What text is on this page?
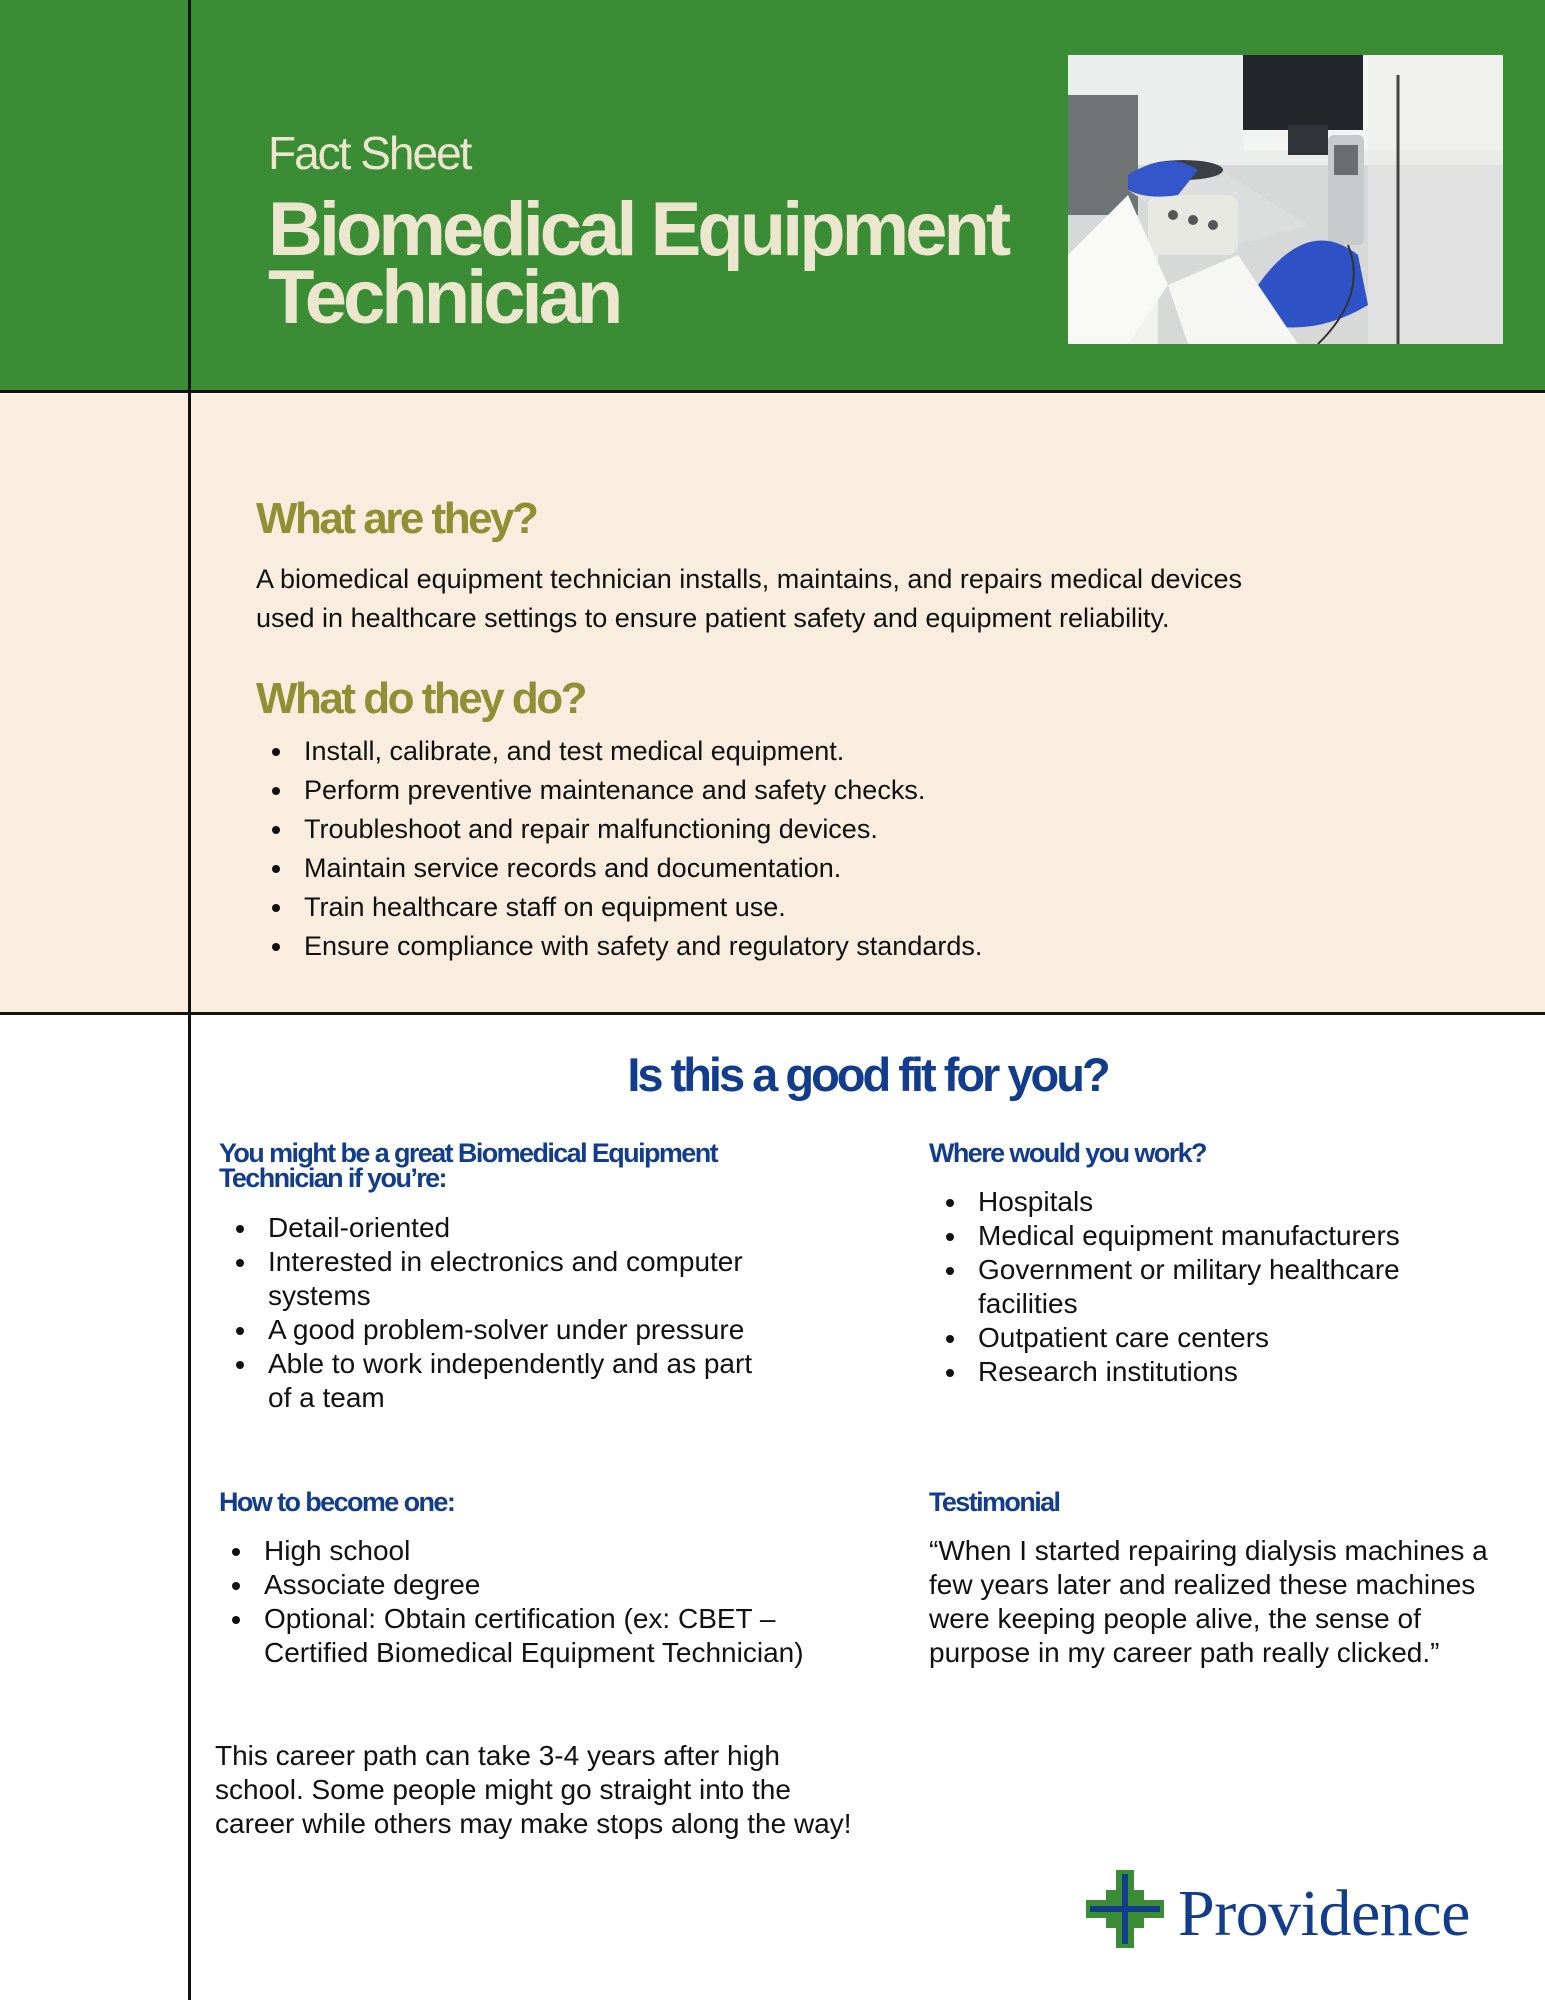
Fact Sheet
Biomedical Equipment
Technician
What are they?
A biomedical equipment technician installs, maintains, and repairs medical devices used in healthcare settings to ensure patient safety and equipment reliability.
What do they do?
Install, calibrate, and test medical equipment.
Perform preventive maintenance and safety checks.
Troubleshoot and repair malfunctioning devices.
Maintain service records and documentation.
Train healthcare staff on equipment use.
Ensure compliance with safety and regulatory standards.
Is this a good fit for you?
You might be a great Biomedical Equipment Technician if you’re:
Detail-oriented
Interested in electronics and computer systems
A good problem-solver under pressure
Able to work independently and as part of a team
Where would you work?
Hospitals
Medical equipment manufacturers
Government or military healthcare facilities
Outpatient care centers
Research institutions
How to become one:
High school
Associate degree
Optional: Obtain certification (ex: CBET – Certified Biomedical Equipment Technician)
This career path can take 3-4 years after high school. Some people might go straight into the career while others may make stops along the way!
Testimonial
“When I started repairing dialysis machines a few years later and realized these machines were keeping people alive, the sense of purpose in my career path really clicked.”
Providence
